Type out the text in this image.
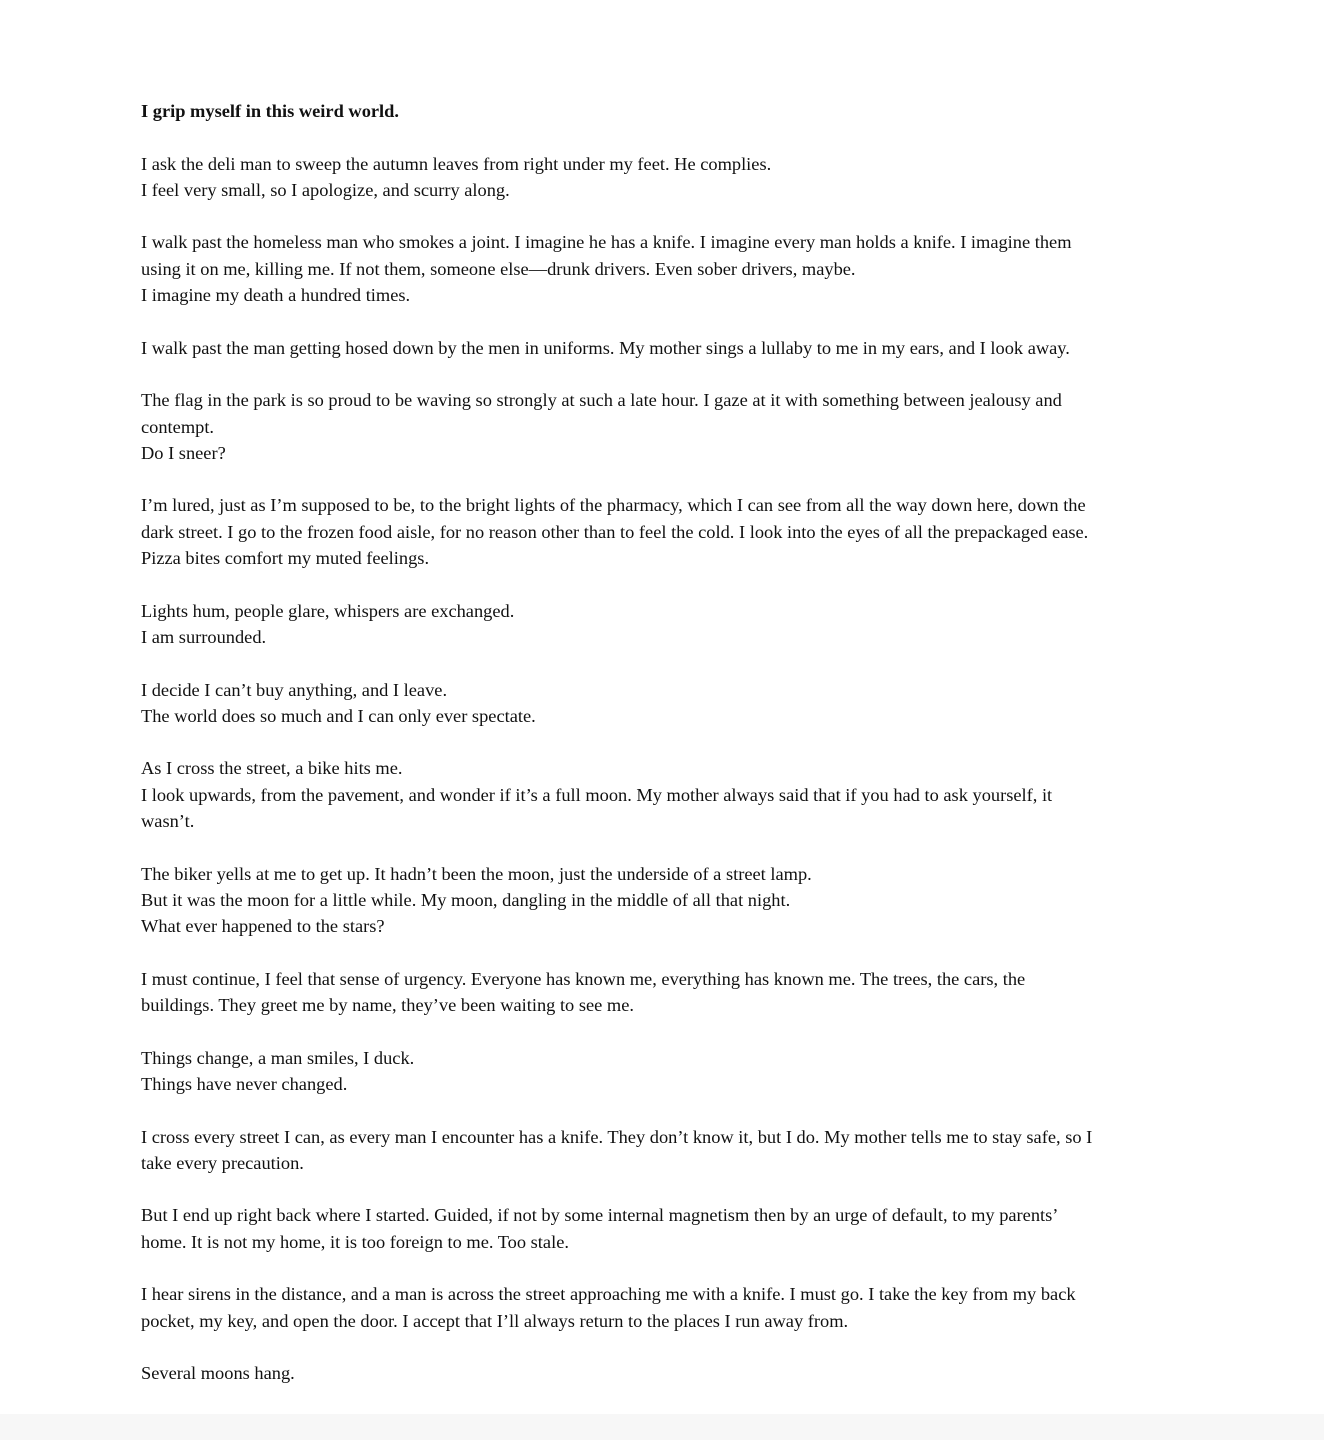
I grip myself in this weird world.
I ask the deli man to sweep the autumn leaves from right under my feet. He complies.
I feel very small, so I apologize, and scurry along.
I walk past the homeless man who smokes a joint. I imagine he has a knife. I imagine every man holds a knife. I imagine them
using it on me, killing me. If not them, someone else—drunk drivers. Even sober drivers, maybe.
I imagine my death a hundred times.
I walk past the man getting hosed down by the men in uniforms. My mother sings a lullaby to me in my ears, and I look away.
The flag in the park is so proud to be waving so strongly at such a late hour. I gaze at it with something between jealousy and
contempt.
Do I sneer?
I’m lured, just as I’m supposed to be, to the bright lights of the pharmacy, which I can see from all the way down here, down the
dark street. I go to the frozen food aisle, for no reason other than to feel the cold. I look into the eyes of all the prepackaged ease.
Pizza bites comfort my muted feelings.
Lights hum, people glare, whispers are exchanged.
I am surrounded.
I decide I can’t buy anything, and I leave.
The world does so much and I can only ever spectate.
As I cross the street, a bike hits me.
I look upwards, from the pavement, and wonder if it’s a full moon. My mother always said that if you had to ask yourself, it
wasn’t.
The biker yells at me to get up. It hadn’t been the moon, just the underside of a street lamp.
But it was the moon for a little while. My moon, dangling in the middle of all that night.
What ever happened to the stars?
I must continue, I feel that sense of urgency. Everyone has known me, everything has known me. The trees, the cars, the
buildings. They greet me by name, they’ve been waiting to see me.
Things change, a man smiles, I duck.
Things have never changed.
I cross every street I can, as every man I encounter has a knife. They don’t know it, but I do. My mother tells me to stay safe, so I
take every precaution.
But I end up right back where I started. Guided, if not by some internal magnetism then by an urge of default, to my parents’
home. It is not my home, it is too foreign to me. Too stale.
I hear sirens in the distance, and a man is across the street approaching me with a knife. I must go. I take the key from my back
pocket, my key, and open the door. I accept that I’ll always return to the places I run away from.
Several moons hang.
